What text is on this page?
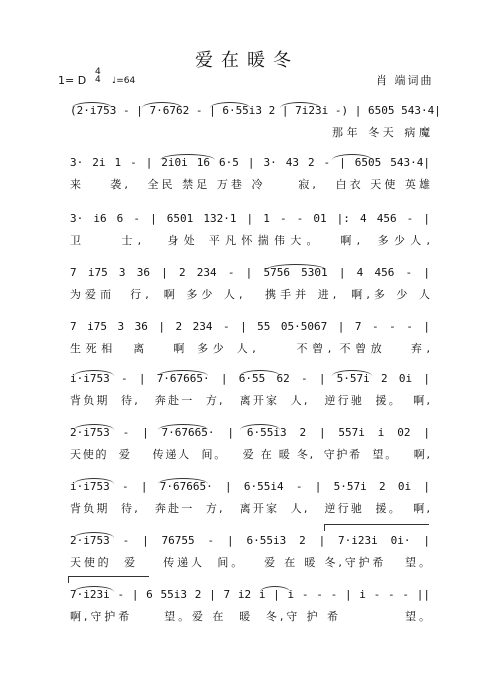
爱在暖冬
1= D
4
4 ♩=64	肖 端词曲
(2·i753 - | 7·6762 - | 6·55i3 2 | 7i23i -) | 6505 543·4|
那年 冬天 病魔
3· 2i 1 - | 2i0i 16 6·5 | 3· 43 2 - | 6505 543·4|
来    袭,   全民 禁足 万巷 冷     寂,   白衣 天使 英雄
3· i6 6 - | 6501 132·1 | 1 - - 01 |: 4 456 - |
卫    士,   身处 平凡怀揣伟大。  啊,  多少人,
7 i75 3 36 | 2 234 - | 5756 5301 | 4 456 - |
为爱而  行,  啊 多少 人,   携手并 进,  啊,多 少 人
7 i75 3 36 | 2 234 - | 55 05·5067 | 7 - - - |
生死相  离   啊 多少 人,     不曾, 不曾放   弃,
i·i753 - | 7·67665· | 6·55 62 - | 5·57i 2 0i |
背负期  待,   奔赴一  方,   离开家  人,   逆行驰  援。  啊,
2·i753 - | 7·67665· | 6·55i3 2 | 557i i 02 |
天使的  爱    传递人  间。   爱 在 暖 冬,  守护希  望。   啊,
i·i753 - | 7·67665· | 6·55i4 - | 5·57i 2 0i |
背负期  待,   奔赴一  方,   离开家  人,   逆行驰  援。  啊,
2·i753 - | 76755 - | 6·55i3 2 | 7·i23i 0i· |
天使的  爱    传递人  间。   爱 在 暖 冬,守护希   望。
7·i23i - | 6 55i3 2 | 7 i2 i | i - - - | i - - - ||
啊,守护希     望。爱 在  暖  冬,守 护 希          望。
